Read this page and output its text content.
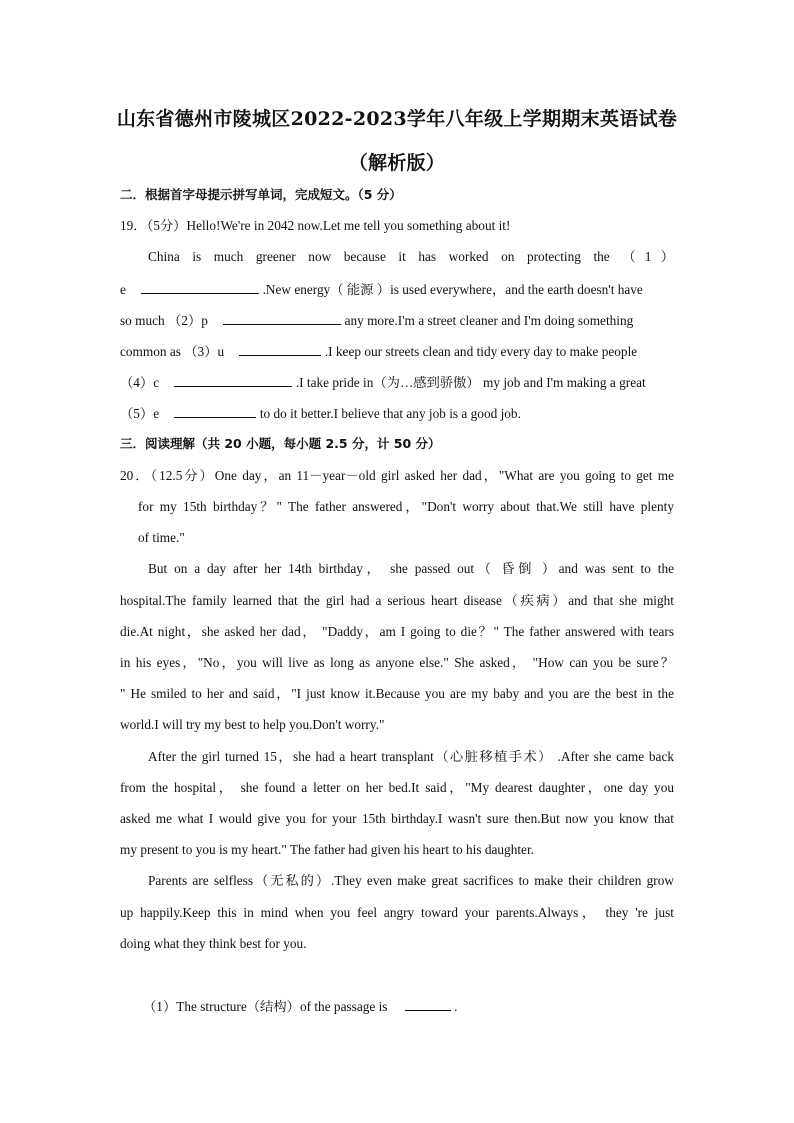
山东省德州市陵城区2022-2023学年八年级上学期期末英语试卷
（解析版）
二．根据首字母提示拼写单词，完成短文。（5 分）
19．（5分）Hello!We're in 2042 now.Let me tell you something about it!
China is much greener now because it has worked on protecting the （1）
e	.New energy（ 能源 ）is used everywhere，and the earth doesn't have
so much （2）p	any more.I'm a street cleaner and I'm doing something
common as （3）u	.I keep our streets clean and tidy every day to make people
（4）c	.I take pride in（为…感到骄傲） my job and I'm making a great
（5）e	to do it better.I believe that any job is a good job.
三．阅读理解（共 20 小题，每小题 2.5 分，计 50 分）
20．（12.5分）One day，an 11－year－old girl asked her dad，"What are you going to get me
for my 15th birthday？" The father answered，"Don't worry about that.We still have plenty
of time."
But on a day after her 14th birthday， she passed out（ 昏倒 ）and was sent to the
hospital.The family learned that the girl had a serious heart disease（疾病）and that she might
die.At night，she asked her dad， "Daddy，am I going to die？" The father answered with tears
in his eyes，"No，you will live as long as anyone else." She asked， "How can you be sure？
" He smiled to her and said，"I just know it.Because you are my baby and you are the best in the
world.I will try my best to help you.Don't worry."
After the girl turned 15，she had a heart transplant（心脏移植手术） .After she came back
from the hospital， she found a letter on her bed.It said，"My dearest daughter，one day you
asked me what I would give you for your 15th birthday.I wasn't sure then.But now you know that
my present to you is my heart." The father had given his heart to his daughter.
Parents are selfless（无私的）.They even make great sacrifices to make their children grow
up happily.Keep this in mind when you feel angry toward your parents.Always， they 're just
doing what they think best for you.
（1）The structure（结构）of the passage is	.
